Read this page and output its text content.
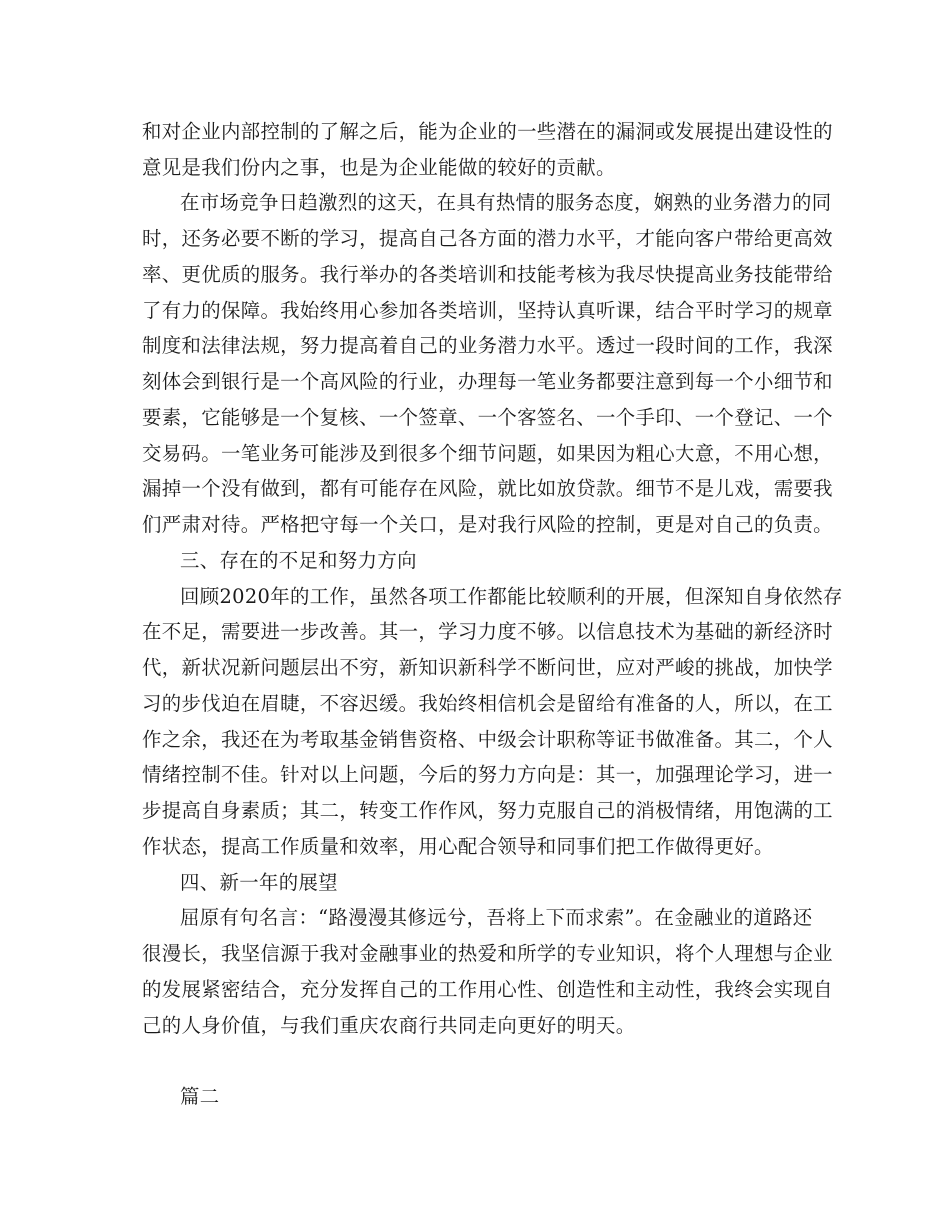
和对企业内部控制的了解之后，能为企业的一些潜在的漏洞或发展提出建设性的
意见是我们份内之事，也是为企业能做的较好的贡献。
在市场竞争日趋激烈的这天，在具有热情的服务态度，娴熟的业务潜力的同
时，还务必要不断的学习，提高自己各方面的潜力水平，才能向客户带给更高效
率、更优质的服务。我行举办的各类培训和技能考核为我尽快提高业务技能带给
了有力的保障。我始终用心参加各类培训，坚持认真听课，结合平时学习的规章
制度和法律法规，努力提高着自己的业务潜力水平。透过一段时间的工作，我深
刻体会到银行是一个高风险的行业，办理每一笔业务都要注意到每一个小细节和
要素，它能够是一个复核、一个签章、一个客签名、一个手印、一个登记、一个
交易码。一笔业务可能涉及到很多个细节问题，如果因为粗心大意，不用心想，
漏掉一个没有做到，都有可能存在风险，就比如放贷款。细节不是儿戏，需要我
们严肃对待。严格把守每一个关口，是对我行风险的控制，更是对自己的负责。
三、存在的不足和努力方向
回顾2020年的工作，虽然各项工作都能比较顺利的开展，但深知自身依然存
在不足，需要进一步改善。其一，学习力度不够。以信息技术为基础的新经济时
代，新状况新问题层出不穷，新知识新科学不断问世，应对严峻的挑战，加快学
习的步伐迫在眉睫，不容迟缓。我始终相信机会是留给有准备的人，所以，在工
作之余，我还在为考取基金销售资格、中级会计职称等证书做准备。其二，个人
情绪控制不佳。针对以上问题，今后的努力方向是：其一，加强理论学习，进一
步提高自身素质；其二，转变工作作风，努力克服自己的消极情绪，用饱满的工
作状态，提高工作质量和效率，用心配合领导和同事们把工作做得更好。
四、新一年的展望
屈原有句名言：“路漫漫其修远兮，吾将上下而求索”。在金融业的道路还
很漫长，我坚信源于我对金融事业的热爱和所学的专业知识，将个人理想与企业
的发展紧密结合，充分发挥自己的工作用心性、创造性和主动性，我终会实现自
己的人身价值，与我们重庆农商行共同走向更好的明天。
篇二
